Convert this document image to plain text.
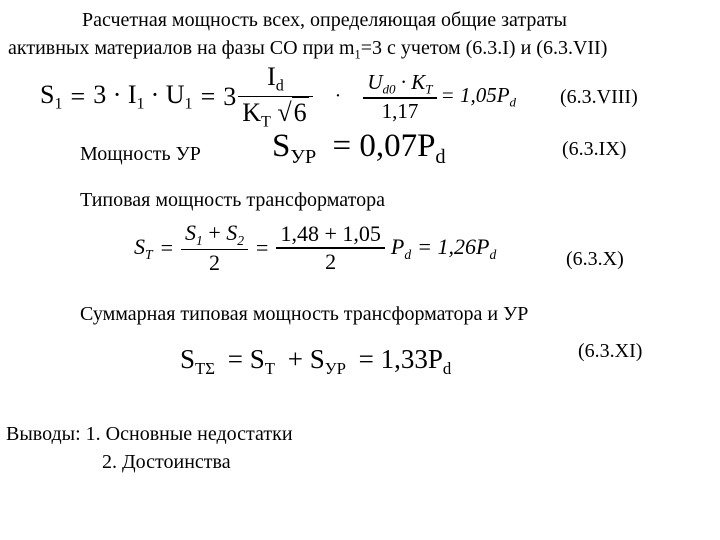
Расчетная мощность всех, определяющая общие затраты
активных материалов на фазы СО при $m_1=3$ с учетом (6.3.I) и (6.3.VII)
$S_1 = 3 \cdot I_1 \cdot U_1 = 3 \frac{I_d}{K_T √ 6} \cdot \frac{U_{d0} \cdot K_T}{1,17} = 1,05P_d$ (6.3.VIII)
Мощность УР $S_{УР} = 0,07P_d$	(6.3.IX)
Типовая мощность трансформатора
$S_T = \frac{S_1 + S_2}{2} = \frac{1,48 + 1,05}{2} P_d = 1,26P_d$	(6.3.X)
Суммарная типовая мощность трансформатора и УР
$S_{T\Sigma} = S_T + S_{УР} = 1,33P_d$
(6.3.XI)
Выводы: 1. Основные недостатки
2. Достоинства
